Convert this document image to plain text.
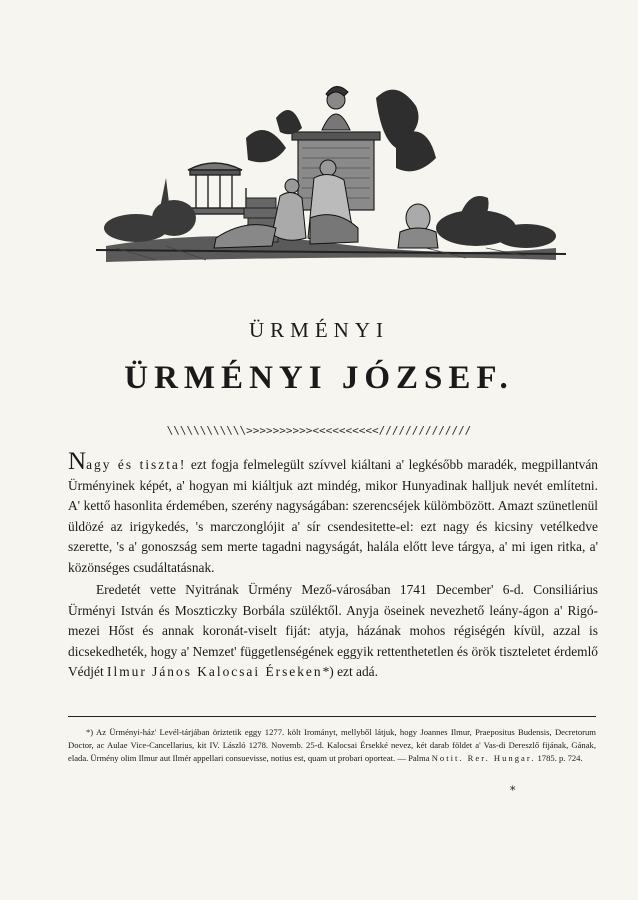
ÜRMÉNYI
ÜRMÉNYI JÓZSEF.
\\\\\\\\\\\\>>>>>>>>>><<<<<<<<<<//////////////

Nagy és tiszta! ezt fogja felmelegült szívvel kiáltani a' legkésőbb maradék, megpillantván Ürményinek képét, a' hogyan mi kiáltjuk azt mindég, mikor Hunyadinak halljuk nevét említetni. A' kettő hasonlita érdemében, szerény nagyságában: szerencséjek külömbözött. Amazt szünetlenül üldözé az irigykedés, 's marczonglójit a' sír csendesitette-el: ezt nagy és kicsiny vetélkedve szerette, 's a' gonoszság sem merte tagadni nagyságát, halála előtt leve tárgya, a' mi igen ritka, a' közönséges csudáltatásnak.

Eredetét vette Nyitrának Ürmény Mező-városában 1741 December' 6-d. Consiliárius Ürményi István és Moszticzky Borbála szüléktől. Anyja öseinek nevezhető leány-ágon a' Rigó-mezei Hőst és annak koronát-viselt fiját: atyja, házának mohos régiségén kívül, azzal is dicsekedheték, hogy a' Nemzet' függetlenségének eggyik rettenthetetlen és örök tiszteletet érdemlő Védjét Ilmur János Kalocsai Érseken*) ezt adá.

*) Az Ürményi-ház' Levél-tárjában öriztetik eggy 1277. költ Irományt, mellyből látjuk, hogy Joannes Ilmur, Praepositus Budensis, Decretorum Doctor, ac Aulae Vice-Cancellarius, kit IV. László 1278. Novemb. 25-d. Kalocsai Érsekké nevez, két darab földet a' Vas-di Dereszlő fijának, Gának, elada. Ürmény olim Ilmur aut Ilmér appellari consuevisse, notius est, quam ut probari oporteat. — Palma Notit. Rer. Hungar. 1785. p. 724.

*
